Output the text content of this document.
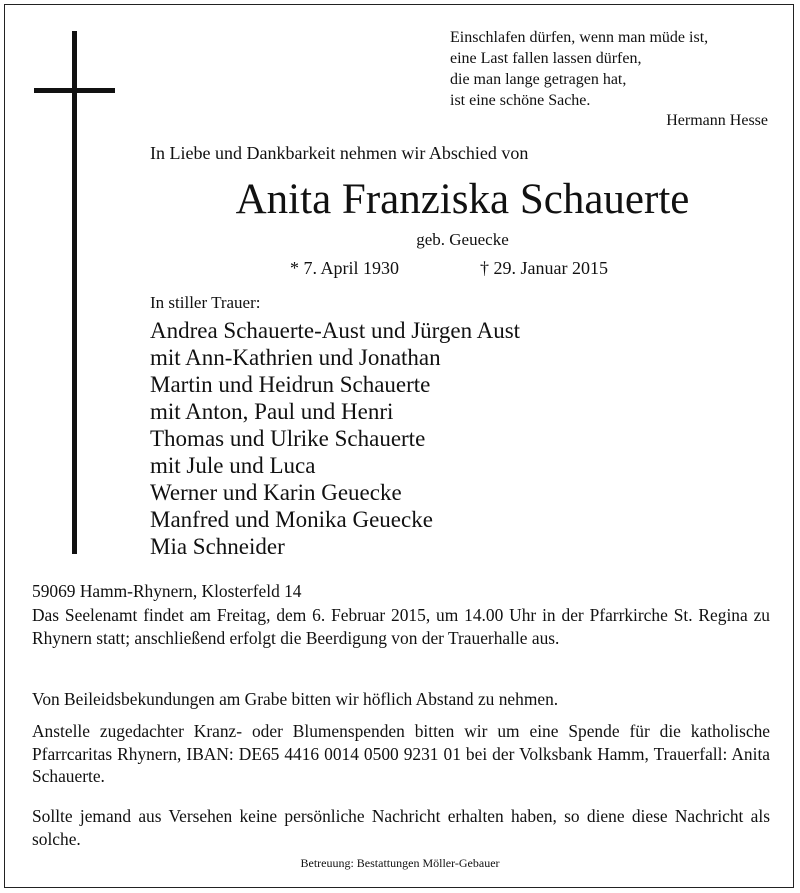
Einschlafen dürfen, wenn man müde ist,
eine Last fallen lassen dürfen,
die man lange getragen hat,
ist eine schöne Sache.
Hermann Hesse
In Liebe und Dankbarkeit nehmen wir Abschied von
Anita Franziska Schauerte
geb. Geuecke
* 7. April 1930	† 29. Januar 2015
In stiller Trauer:
Andrea Schauerte-Aust und Jürgen Aust
mit Ann-Kathrien und Jonathan
Martin und Heidrun Schauerte
mit Anton, Paul und Henri
Thomas und Ulrike Schauerte
mit Jule und Luca
Werner und Karin Geuecke
Manfred und Monika Geuecke
Mia Schneider

59069 Hamm-Rhynern, Klosterfeld 14

Das Seelenamt findet am Freitag, dem 6. Februar 2015, um 14.00 Uhr in der Pfarrkirche St. Regina zu Rhynern statt; anschließend erfolgt die Beerdigung von der Trauerhalle aus.

Von Beileidsbekundungen am Grabe bitten wir höflich Abstand zu nehmen.

Anstelle zugedachter Kranz- oder Blumenspenden bitten wir um eine Spende für die katholische Pfarrcaritas Rhynern, IBAN: DE65 4416 0014 0500 9231 01 bei der Volksbank Hamm, Trauerfall: Anita Schauerte.

Sollte jemand aus Versehen keine persönliche Nachricht erhalten haben, so diene diese Nachricht als solche.

Betreuung: Bestattungen Möller-Gebauer
